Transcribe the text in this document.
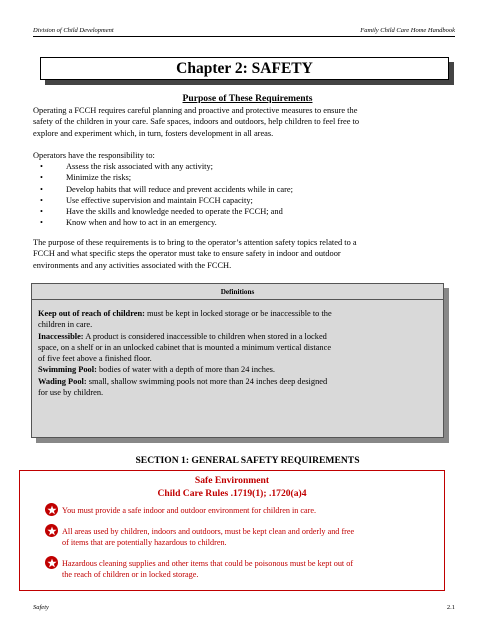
Division of Child Development	Family Child Care Home Handbook
Chapter 2: SAFETY
Purpose of These Requirements
Operating a FCCH requires careful planning and proactive and protective measures to ensure the
safety of the children in your care. Safe spaces, indoors and outdoors, help children to feel free to
explore and experiment which, in turn, fosters development in all areas.
Operators have the responsibility to:
•	Assess the risk associated with any activity;
•	Minimize the risks;
•	Develop habits that will reduce and prevent accidents while in care;
•	Use effective supervision and maintain FCCH capacity;
•	Have the skills and knowledge needed to operate the FCCH; and
•	Know when and how to act in an emergency.
The purpose of these requirements is to bring to the operator’s attention safety topics related to a
FCCH and what specific steps the operator must take to ensure safety in indoor and outdoor
environments and any activities associated with the FCCH.
Definitions
Keep out of reach of children: must be kept in locked storage or be inaccessible to the
children in care.
Inaccessible: A product is considered inaccessible to children when stored in a locked
space, on a shelf or in an unlocked cabinet that is mounted a minimum vertical distance
of five feet above a finished floor.
Swimming Pool: bodies of water with a depth of more than 24 inches.
Wading Pool: small, shallow swimming pools not more than 24 inches deep designed
for use by children.
SECTION 1: GENERAL SAFETY REQUIREMENTS
Safe Environment
Child Care Rules .1719(1); .1720(a)4
You must provide a safe indoor and outdoor environment for children in care.
All areas used by children, indoors and outdoors, must be kept clean and orderly and free
of items that are potentially hazardous to children.
Hazardous cleaning supplies and other items that could be poisonous must be kept out of
the reach of children or in locked storage.
Safety	2.1
